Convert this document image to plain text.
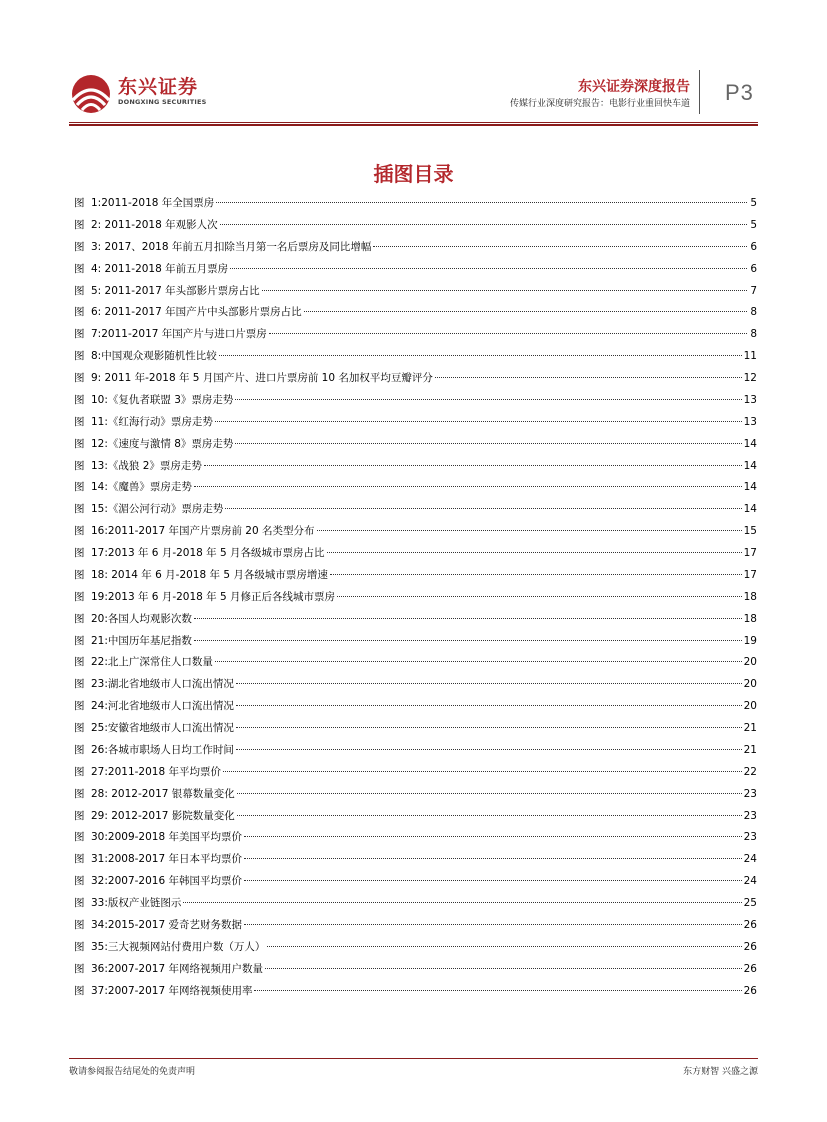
东兴证券
DONGXING SECURITIES
东兴证券深度报告
传媒行业深度研究报告：电影行业重回快车道 P3
插图目录
图 1:2011-2018 年全国票房	5
图 2: 2011-2018 年观影人次	5
图 3: 2017、2018 年前五月扣除当月第一名后票房及同比增幅	6
图 4: 2011-2018 年前五月票房	6
图 5: 2011-2017 年头部影片票房占比	7
图 6: 2011-2017 年国产片中头部影片票房占比	8
图 7:2011-2017 年国产片与进口片票房	8
图 8:中国观众观影随机性比较	11
图 9: 2011 年-2018 年 5 月国产片、进口片票房前 10 名加权平均豆瓣评分	12
图 10:《复仇者联盟 3》票房走势	13
图 11:《红海行动》票房走势	13
图 12:《速度与激情 8》票房走势	14
图 13:《战狼 2》票房走势	14
图 14:《魔兽》票房走势	14
图 15:《湄公河行动》票房走势	14
图 16:2011-2017 年国产片票房前 20 名类型分布	15
图 17:2013 年 6 月-2018 年 5 月各级城市票房占比	17
图 18: 2014 年 6 月-2018 年 5 月各级城市票房增速	17
图 19:2013 年 6 月-2018 年 5 月修正后各线城市票房	18
图 20:各国人均观影次数	18
图 21:中国历年基尼指数	19
图 22:北上广深常住人口数量	20
图 23:湖北省地级市人口流出情况	20
图 24:河北省地级市人口流出情况	20
图 25:安徽省地级市人口流出情况	21
图 26:各城市职场人日均工作时间	21
图 27:2011-2018 年平均票价	22
图 28: 2012-2017 银幕数量变化	23
图 29: 2012-2017 影院数量变化	23
图 30:2009-2018 年美国平均票价	23
图 31:2008-2017 年日本平均票价	24
图 32:2007-2016 年韩国平均票价	24
图 33:版权产业链图示	25
图 34:2015-2017 爱奇艺财务数据	26
图 35:三大视频网站付费用户数（万人）	26
图 36:2007-2017 年网络视频用户数量	26
图 37:2007-2017 年网络视频使用率	26
敬请参阅报告结尾处的免责声明	东方财智 兴盛之源
